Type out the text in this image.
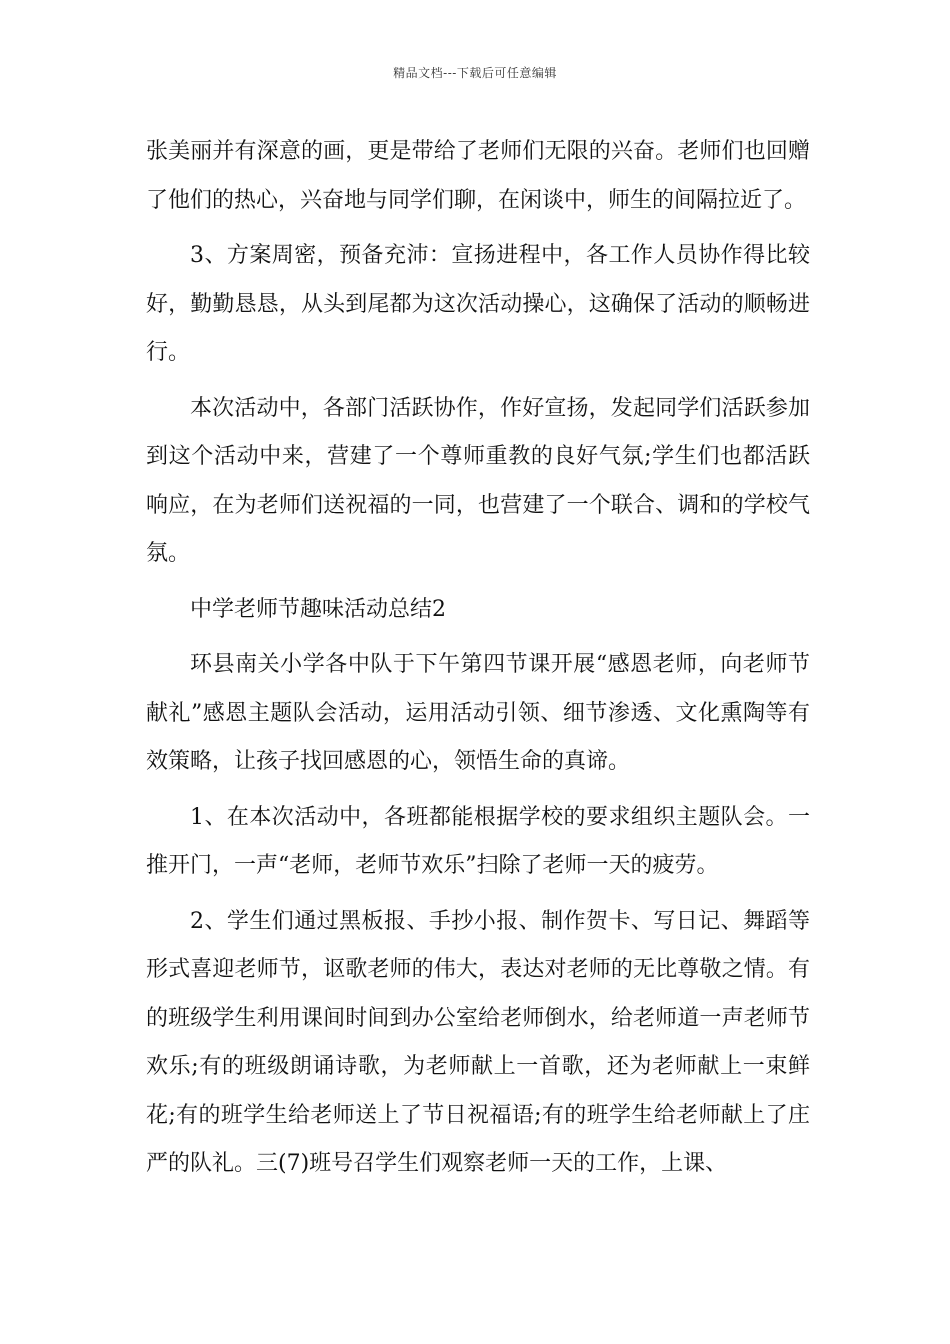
精品文档---下载后可任意编辑

张美丽并有深意的画，更是带给了老师们无限的兴奋。老师们也回赠了他们的热心，兴奋地与同学们聊，在闲谈中，师生的间隔拉近了。

3、方案周密，预备充沛：宣扬进程中，各工作人员协作得比较好，勤勤恳恳，从头到尾都为这次活动操心，这确保了活动的顺畅进行。

本次活动中，各部门活跃协作，作好宣扬，发起同学们活跃参加到这个活动中来，营建了一个尊师重教的良好气氛;学生们也都活跃响应，在为老师们送祝福的一同，也营建了一个联合、调和的学校气氛。

中学老师节趣味活动总结2

环县南关小学各中队于下午第四节课开展“感恩老师，向老师节献礼”感恩主题队会活动，运用活动引领、细节渗透、文化熏陶等有效策略，让孩子找回感恩的心，领悟生命的真谛。

1、在本次活动中，各班都能根据学校的要求组织主题队会。一推开门，一声“老师，老师节欢乐”扫除了老师一天的疲劳。

2、学生们通过黑板报、手抄小报、制作贺卡、写日记、舞蹈等形式喜迎老师节，讴歌老师的伟大，表达对老师的无比尊敬之情。有的班级学生利用课间时间到办公室给老师倒水，给老师道一声老师节欢乐;有的班级朗诵诗歌，为老师献上一首歌，还为老师献上一束鲜花;有的班学生给老师送上了节日祝福语;有的班学生给老师献上了庄严的队礼。三(7)班号召学生们观察老师一天的工作，上课、
